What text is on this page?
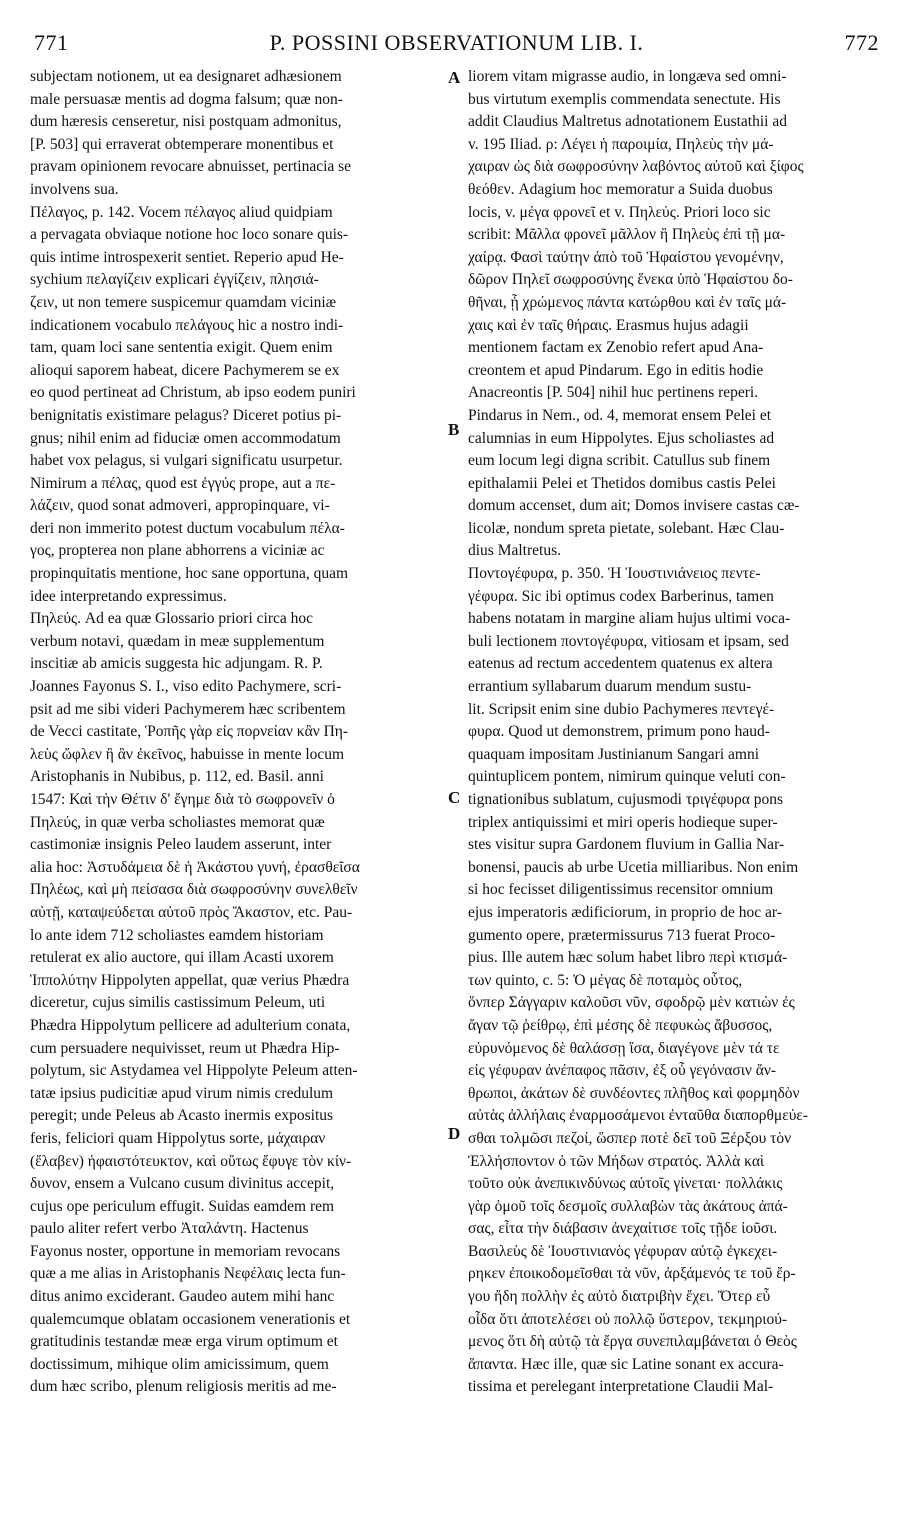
771	P. POSSINI OBSERVATIONUM LIB. I.	772
subjectam notionem, ut ea designaret adhæsionem
male persuasæ mentis ad dogma falsum; quæ non-
dum hæresis censeretur, nisi postquam admonitus,
[P. 503] qui erraverat obtemperare monentibus et
pravam opinionem revocare abnuisset, pertinacia se
involvens sua.
Πέλαγος, p. 142. Vocem πέλαγος aliud quidpiam
a pervagata obviaque notione hoc loco sonare quis-
quis intime introspexerit sentiet. Reperio apud He-
sychium πελαγίζειν explicari ἐγγίζειν, πλησιά-
ζειν, ut non temere suspicemur quamdam viciniæ
indicationem vocabulo πελάγους hic a nostro indi-
tam, quam loci sane sententia exigit. Quem enim
alioqui saporem habeat, dicere Pachymerem se ex
eo quod pertineat ad Christum, ab ipso eodem puniri
benignitatis existimare pelagus? Diceret potius pi-
gnus; nihil enim ad fiduciæ omen accommodatum
habet vox pelagus, si vulgari significatu usurpetur.
Nimirum a πέλας, quod est ἐγγύς prope, aut a πε-
λάζειν, quod sonat admoveri, appropinquare, vi-
deri non immerito potest ductum vocabulum πέλα-
γος, propterea non plane abhorrens a viciniæ ac
propinquitatis mentione, hoc sane opportuna, quam
idee interpretando expressimus.
Πηλεύς. Ad ea quæ Glossario priori circa hoc
verbum notavi, quædam in meæ supplementum
inscitiæ ab amicis suggesta hic adjungam. R. P.
Joannes Fayonus S. I., viso edito Pachymere, scri-
psit ad me sibi videri Pachymerem hæc scribentem
de Vecci castitate, Ῥοπῆς γὰρ εἰς πορνείαν κἂν Πη-
λεὺς ὤφλεν ἢ ἂν ἐκεῖνος, habuisse in mente locum
Aristophanis in Nubibus, p. 112, ed. Basil. anni
1547: Καὶ τὴν Θέτιν δ' ἔγημε διὰ τὸ σωφρονεῖν ὁ
Πηλεύς, in quæ verba scholiastes memorat quæ
castimoniæ insignis Peleo laudem asserunt, inter
alia hoc: Ἀστυδάμεια δὲ ἡ Ἀκάστου γυνή, ἐρασθεῖσα
Πηλέως, καὶ μὴ πείσασα διὰ σωφροσύνην συνελθεῖν
αὐτῇ, καταψεύδεται αὐτοῦ πρὸς Ἄκαστον, etc. Pau-
lo ante idem 712 scholiastes eamdem historiam
retulerat ex alio auctore, qui illam Acasti uxorem
Ἱππολύτην Hippolyten appellat, quæ verius Phædra
diceretur, cujus similis castissimum Peleum, uti
Phædra Hippolytum pellicere ad adulterium conata,
cum persuadere nequivisset, reum ut Phædra Hip-
polytum, sic Astydamea vel Hippolyte Peleum atten-
tatæ ipsius pudicitiæ apud virum nimis credulum
peregit; unde Peleus ab Acasto inermis expositus
feris, feliciori quam Hippolytus sorte, μάχαιραν
(ἔλαβεν) ἡφαιστότευκτον, καὶ οὕτως ἔφυγε τὸν κίν-
δυνον, ensem a Vulcano cusum divinitus accepit,
cujus ope periculum effugit. Suidas eamdem rem
paulo aliter refert verbo Ἀταλάντη. Hactenus
Fayonus noster, opportune in memoriam revocans
quæ a me alias in Aristophanis Νεφέλαις lecta fun-
ditus animo exciderant. Gaudeo autem mihi hanc
qualemcumque oblatam occasionem venerationis et
gratitudinis testandæ meæ erga virum optimum et
doctissimum, mihique olim amicissimum, quem
dum hæc scribo, plenum religiosis meritis ad me-
A
B
C
D
liorem vitam migrasse audio, in longæva sed omni-
bus virtutum exemplis commendata senectute. His
addit Claudius Maltretus adnotationem Eustathii ad
v. 195 Iliad. ρ: Λέγει ἡ παροιμία, Πηλεὺς τὴν μά-
χαιραν ὡς διὰ σωφροσύνην λαβόντος αὐτοῦ καὶ ξίφος
θεόθεν. Adagium hoc memoratur a Suida duobus
locis, v. μέγα φρονεῖ et v. Πηλεύς. Priori loco sic
scribit: Μᾶλλα φρονεῖ μᾶλλον ἢ Πηλεὺς ἐπὶ τῇ μα-
χαίρᾳ. Φασὶ ταύτην ἀπὸ τοῦ Ἡφαίστου γενομένην,
δῶρον Πηλεῖ σωφροσύνης ἕνεκα ὑπὸ Ἡφαίστου δο-
θῆναι, ᾗ χρώμενος πάντα κατώρθου καὶ ἐν ταῖς μά-
χαις καὶ ἐν ταῖς θήραις. Erasmus hujus adagii
mentionem factam ex Zenobio refert apud Ana-
creontem et apud Pindarum. Ego in editis hodie
Anacreontis [P. 504] nihil huc pertinens reperi.
Pindarus in Nem., od. 4, memorat ensem Pelei et
calumnias in eum Hippolytes. Ejus scholiastes ad
eum locum legi digna scribit. Catullus sub finem
epithalamii Pelei et Thetidos domibus castis Pelei
domum accenset, dum ait; Domos invisere castas cæ-
licolæ, nondum spreta pietate, solebant. Hæc Clau-
dius Maltretus.
Ποντογέφυρα, p. 350. Ἡ Ἰουστινιάνειος πεντε-
γέφυρα. Sic ibi optimus codex Barberinus, tamen
habens notatam in margine aliam hujus ultimi voca-
buli lectionem ποντογέφυρα, vitiosam et ipsam, sed
eatenus ad rectum accedentem quatenus ex altera
errantium syllabarum duarum mendum sustu-
lit. Scripsit enim sine dubio Pachymeres πεντεγέ-
φυρα. Quod ut demonstrem, primum pono haud-
quaquam impositam Justinianum Sangari amni
quintuplicem pontem, nimirum quinque veluti con-
tignationibus sublatum, cujusmodi τριγέφυρα pons
triplex antiquissimi et miri operis hodieque super-
stes visitur supra Gardonem fluvium in Gallia Nar-
bonensi, paucis ab urbe Ucetia milliaribus. Non enim
si hoc fecisset diligentissimus recensitor omnium
ejus imperatoris ædificiorum, in proprio de hoc ar-
gumento opere, prætermissurus 713 fuerat Proco-
pius. Ille autem hæc solum habet libro περὶ κτισμά-
των quinto, c. 5: Ὁ μέγας δὲ ποταμὸς οὗτος,
ὅνπερ Σάγγαριν καλοῦσι νῦν, σφοδρῷ μὲν κατιὼν ἐς
ἄγαν τῷ ῥείθρῳ, ἐπὶ μέσης δὲ πεφυκὼς ἄβυσσος,
εὐρυνόμενος δὲ θαλάσσῃ ἴσα, διαγέγονε μὲν τά τε
εἰς γέφυραν ἀνέπαφος πᾶσιν, ἐξ οὗ γεγόνασιν ἄν-
θρωποι, ἀκάτων δὲ συνδέοντες πλῆθος καὶ φορμηδὸν
αὐτὰς ἀλλήλαις ἐναρμοσάμενοι ἐνταῦθα διαπορθμεύε-
σθαι τολμῶσι πεζοί, ὥσπερ ποτὲ δεῖ τοῦ Ξέρξου τὸν
Ἑλλήσποντον ὁ τῶν Μήδων στρατός. Ἀλλὰ καὶ
τοῦτο οὐκ ἀνεπικινδύνως αὐτοῖς γίνεται· πολλάκις
γὰρ ὁμοῦ τοῖς δεσμοῖς συλλαβὼν τὰς ἀκάτους ἀπά-
σας, εἶτα τὴν διάβασιν ἀνεχαίτισε τοῖς τῇδε ἰοῦσι.
Βασιλεὺς δὲ Ἰουστινιανὸς γέφυραν αὐτῷ ἐγκεχει-
ρηκεν ἐποικοδομεῖσθαι τὰ νῦν, ἀρξάμενός τε τοῦ ἔρ-
γου ἤδη πολλὴν ἐς αὐτὸ διατριβὴν ἔχει. Ὅτερ εὖ
οἶδα ὅτι ἀποτελέσει οὐ πολλῷ ὕστερον, τεκμηριού-
μενος ὅτι δὴ αὐτῷ τὰ ἔργα συνεπιλαμβάνεται ὁ Θεὸς
ἅπαντα. Hæc ille, quæ sic Latine sonant ex accura-
tissima et perelegant interpretatione Claudii Mal-
